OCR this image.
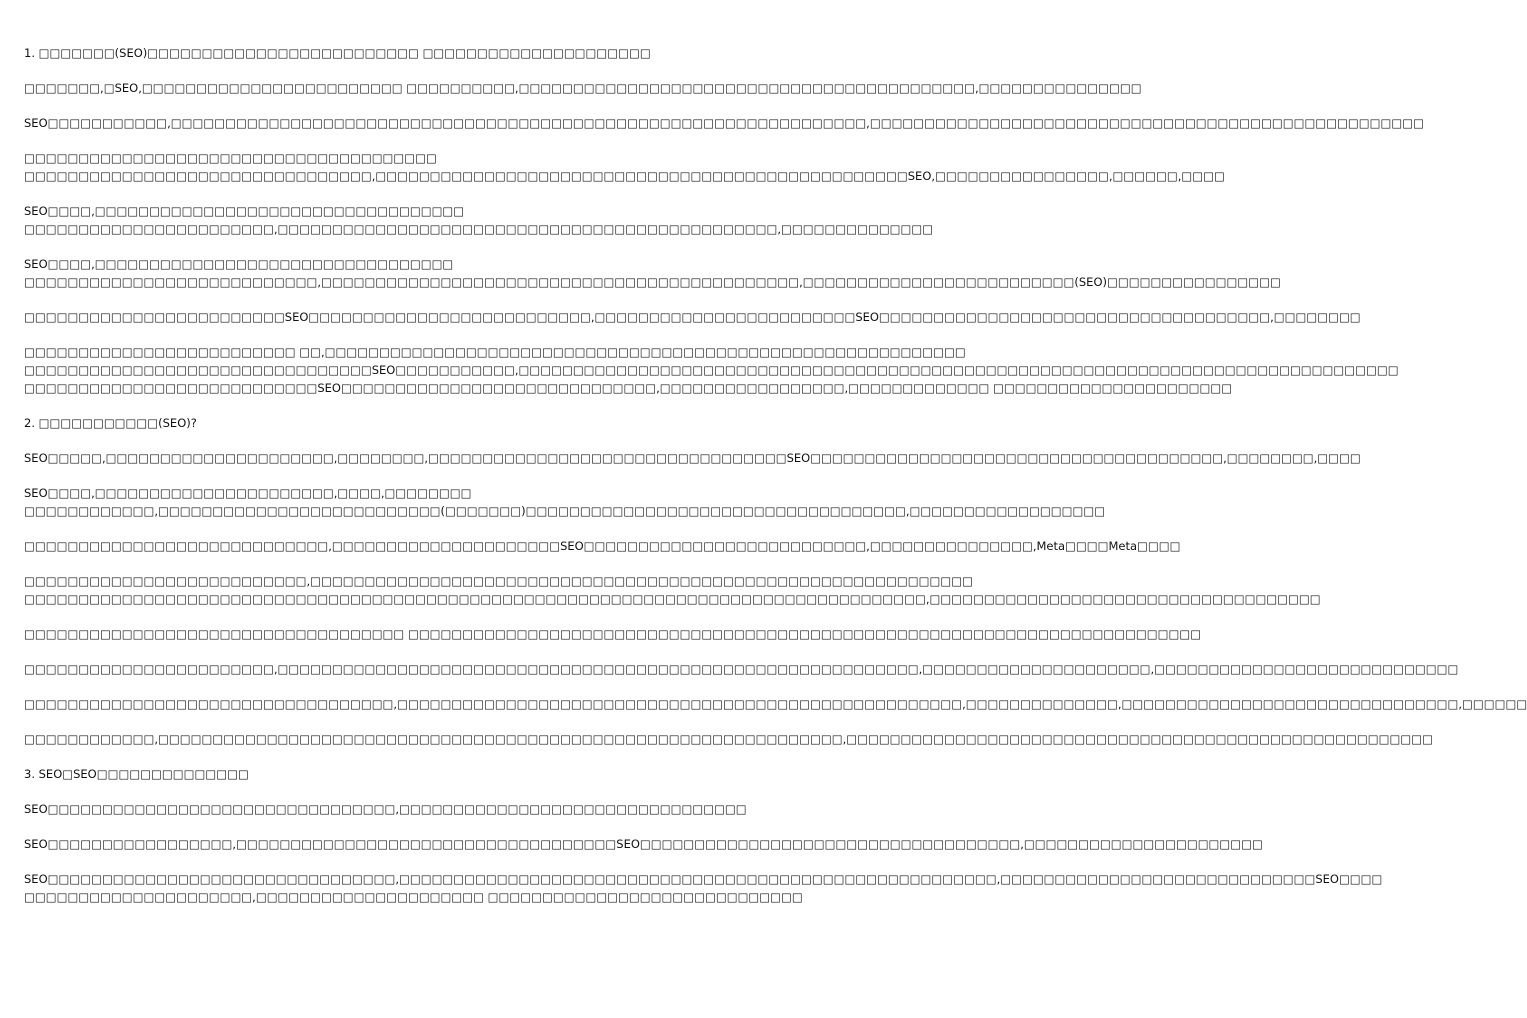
1. □□□□□□□(SEO)□□□□□□□□□□□□□□□□□□□□□□□□□ □□□□□□□□□□□□□□□□□□□□□
□□□□□□□,□SEO,□□□□□□□□□□□□□□□□□□□□□□□□ □□□□□□□□□□,□□□□□□□□□□□□□□□□□□□□□□□□□□□□□□□□□□□□□□□□□□,□□□□□□□□□□□□□□□
SEO□□□□□□□□□□□,□□□□□□□□□□□□□□□□□□□□□□□□□□□□□□□□□□□□□□□□□□□□□□□□□□□□□□□□□□□□□□□□,□□□□□□□□□□□□□□□□□□□□□□□□□□□□□□□□□□□□□□□□□□□□□□□□□□□
□□□□□□□□□□□□□□□□□□□□□□□□□□□□□□□□□□□□□□
□□□□□□□□□□□□□□□□□□□□□□□□□□□□□□□□,□□□□□□□□□□□□□□□□□□□□□□□□□□□□□□□□□□□□□□□□□□□□□□□□□SEO,□□□□□□□□□□□□□□□□,□□□□□□,□□□□
SEO□□□□,□□□□□□□□□□□□□□□□□□□□□□□□□□□□□□□□□□
□□□□□□□□□□□□□□□□□□□□□□□,□□□□□□□□□□□□□□□□□□□□□□□□□□□□□□□□□□□□□□□□□□□□□□,□□□□□□□□□□□□□□
SEO□□□□,□□□□□□□□□□□□□□□□□□□□□□□□□□□□□□□□□
□□□□□□□□□□□□□□□□□□□□□□□□□□□,□□□□□□□□□□□□□□□□□□□□□□□□□□□□□□□□□□□□□□□□□□□□,□□□□□□□□□□□□□□□□□□□□□□□□□(SEO)□□□□□□□□□□□□□□□□
□□□□□□□□□□□□□□□□□□□□□□□□SEO□□□□□□□□□□□□□□□□□□□□□□□□□□,□□□□□□□□□□□□□□□□□□□□□□□□SEO□□□□□□□□□□□□□□□□□□□□□□□□□□□□□□□□□□□□,□□□□□□□□
□□□□□□□□□□□□□□□□□□□□□□□□□ □□,□□□□□□□□□□□□□□□□□□□□□□□□□□□□□□□□□□□□□□□□□□□□□□□□□□□□□□□□□□□
□□□□□□□□□□□□□□□□□□□□□□□□□□□□□□□□SEO□□□□□□□□□□□,□□□□□□□□□□□□□□□□□□□□□□□□□□□□□□□□□□□□□□□□□□□□□□□□□□□□□□□□□□□□□□□□□□□□□□□□□□□□□□□□□
□□□□□□□□□□□□□□□□□□□□□□□□□□□SEO□□□□□□□□□□□□□□□□□□□□□□□□□□□□□,□□□□□□□□□□□□□□□□□,□□□□□□□□□□□□□ □□□□□□□□□□□□□□□□□□□□□□
2. □□□□□□□□□□□(SEO)?
SEO□□□□□,□□□□□□□□□□□□□□□□□□□□□,□□□□□□□□,□□□□□□□□□□□□□□□□□□□□□□□□□□□□□□□□□SEO□□□□□□□□□□□□□□□□□□□□□□□□□□□□□□□□□□□□□□,□□□□□□□□,□□□□
SEO□□□□,□□□□□□□□□□□□□□□□□□□□□□,□□□□,□□□□□□□□
□□□□□□□□□□□□,□□□□□□□□□□□□□□□□□□□□□□□□□□(□□□□□□□)□□□□□□□□□□□□□□□□□□□□□□□□□□□□□□□□□□□,□□□□□□□□□□□□□□□□□□
□□□□□□□□□□□□□□□□□□□□□□□□□□□□,□□□□□□□□□□□□□□□□□□□□□SEO□□□□□□□□□□□□□□□□□□□□□□□□□□,□□□□□□□□□□□□□□□,Meta□□□□Meta□□□□
□□□□□□□□□□□□□□□□□□□□□□□□□□,□□□□□□□□□□□□□□□□□□□□□□□□□□□□□□□□□□□□□□□□□□□□□□□□□□□□□□□□□□□□□
□□□□□□□□□□□□□□□□□□□□□□□□□□□□□□□□□□□□□□□□□□□□□□□□□□□□□□□□□□□□□□□□□□□□□□□□□□□□□□□□□□□,□□□□□□□□□□□□□□□□□□□□□□□□□□□□□□□□□□□□
□□□□□□□□□□□□□□□□□□□□□□□□□□□□□□□□□□□ □□□□□□□□□□□□□□□□□□□□□□□□□□□□□□□□□□□□□□□□□□□□□□□□□□□□□□□□□□□□□□□□□□□□□□□□□
□□□□□□□□□□□□□□□□□□□□□□□,□□□□□□□□□□□□□□□□□□□□□□□□□□□□□□□□□□□□□□□□□□□□□□□□□□□□□□□□□□□,□□□□□□□□□□□□□□□□□□□□□,□□□□□□□□□□□□□□□□□□□□□□□□□□□□
□□□□□□□□□□□□□□□□□□□□□□□□□□□□□□□□□□,□□□□□□□□□□□□□□□□□□□□□□□□□□□□□□□□□□□□□□□□□□□□□□□□□□□□,□□□□□□□□□□□□□□,□□□□□□□□□□□□□□□□□□□□□□□□□□□□□□□,□□□□□□
□□□□□□□□□□□□,□□□□□□□□□□□□□□□□□□□□□□□□□□□□□□□□□□□□□□□□□□□□□□□□□□□□□□□□□□□□□□□,□□□□□□□□□□□□□□□□□□□□□□□□□□□□□□□□□□□□□□□□□□□□□□□□□□□□□□
3. SEO□SEO□□□□□□□□□□□□□□
SEO□□□□□□□□□□□□□□□□□□□□□□□□□□□□□□□□,□□□□□□□□□□□□□□□□□□□□□□□□□□□□□□□□
SEO□□□□□□□□□□□□□□□□□,□□□□□□□□□□□□□□□□□□□□□□□□□□□□□□□□□□□SEO□□□□□□□□□□□□□□□□□□□□□□□□□□□□□□□□□□□,□□□□□□□□□□□□□□□□□□□□□□
SEO□□□□□□□□□□□□□□□□□□□□□□□□□□□□□□□□,□□□□□□□□□□□□□□□□□□□□□□□□□□□□□□□□□□□□□□□□□□□□□□□□□□□□□□□,□□□□□□□□□□□□□□□□□□□□□□□□□□□□□SEO□□□□
□□□□□□□□□□□□□□□□□□□□□,□□□□□□□□□□□□□□□□□□□□□ □□□□□□□□□□□□□□□□□□□□□□□□□□□□□
